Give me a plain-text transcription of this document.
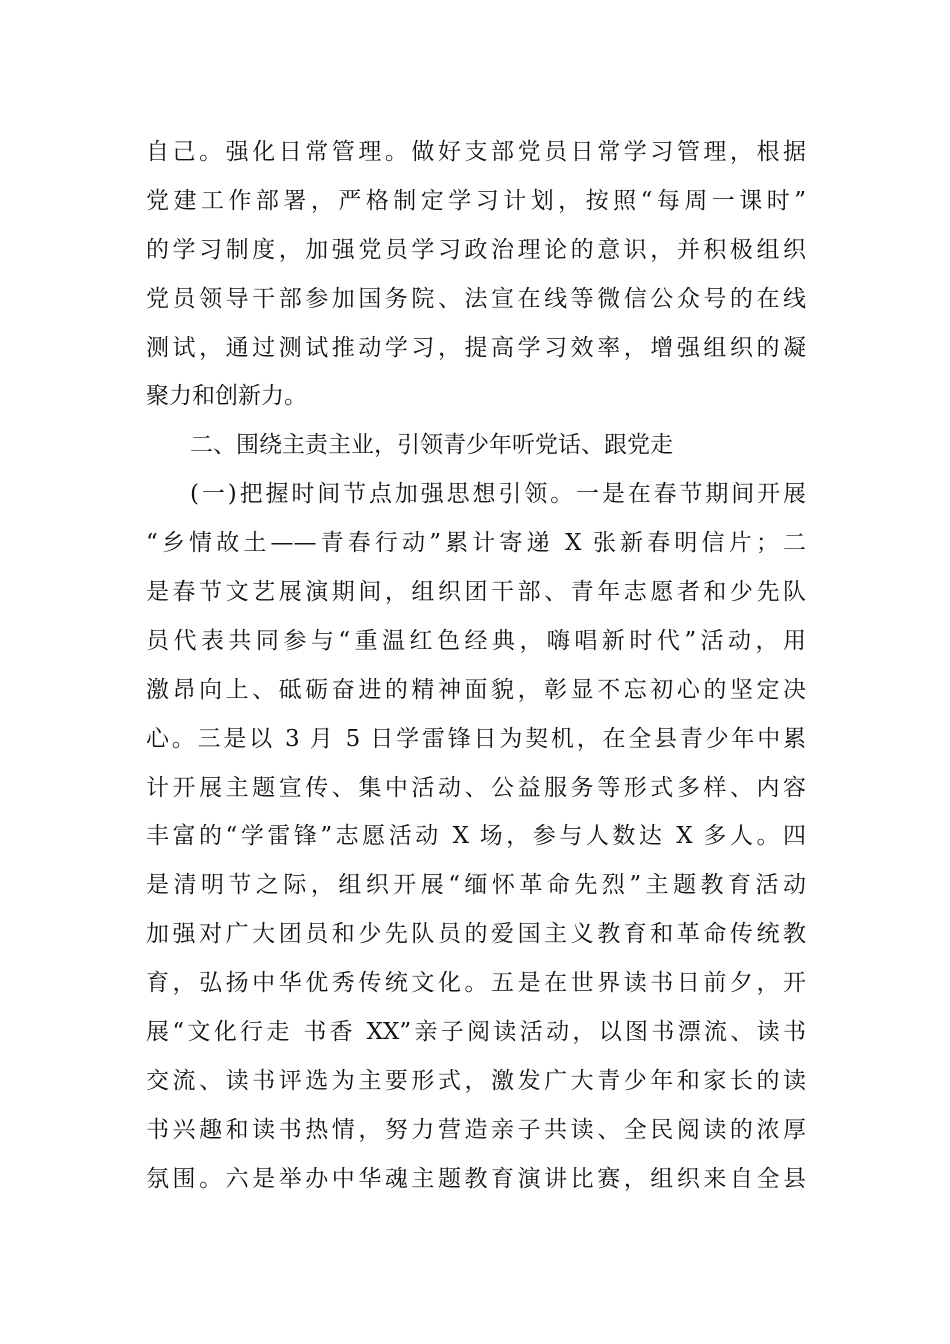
自己。强化日常管理。做好支部党员日常学习管理，根据
党建工作部署，严格制定学习计划，按照“每周一课时”
的学习制度，加强党员学习政治理论的意识，并积极组织
党员领导干部参加国务院、法宣在线等微信公众号的在线
测试，通过测试推动学习，提高学习效率，增强组织的凝
聚力和创新力。
二、围绕主责主业，引领青少年听党话、跟党走
(一)把握时间节点加强思想引领。一是在春节期间开展
“乡情故土——青春行动”累计寄递 X 张新春明信片；二
是春节文艺展演期间，组织团干部、青年志愿者和少先队
员代表共同参与“重温红色经典，嗨唱新时代”活动，用
激昂向上、砥砺奋进的精神面貌，彰显不忘初心的坚定决
心。三是以 3 月 5 日学雷锋日为契机，在全县青少年中累
计开展主题宣传、集中活动、公益服务等形式多样、内容
丰富的“学雷锋”志愿活动 X 场，参与人数达 X 多人。四
是清明节之际，组织开展“缅怀革命先烈”主题教育活动
加强对广大团员和少先队员的爱国主义教育和革命传统教
育，弘扬中华优秀传统文化。五是在世界读书日前夕，开
展“文化行走 书香 XX”亲子阅读活动，以图书漂流、读书
交流、读书评选为主要形式，激发广大青少年和家长的读
书兴趣和读书热情，努力营造亲子共读、全民阅读的浓厚
氛围。六是举办中华魂主题教育演讲比赛，组织来自全县
